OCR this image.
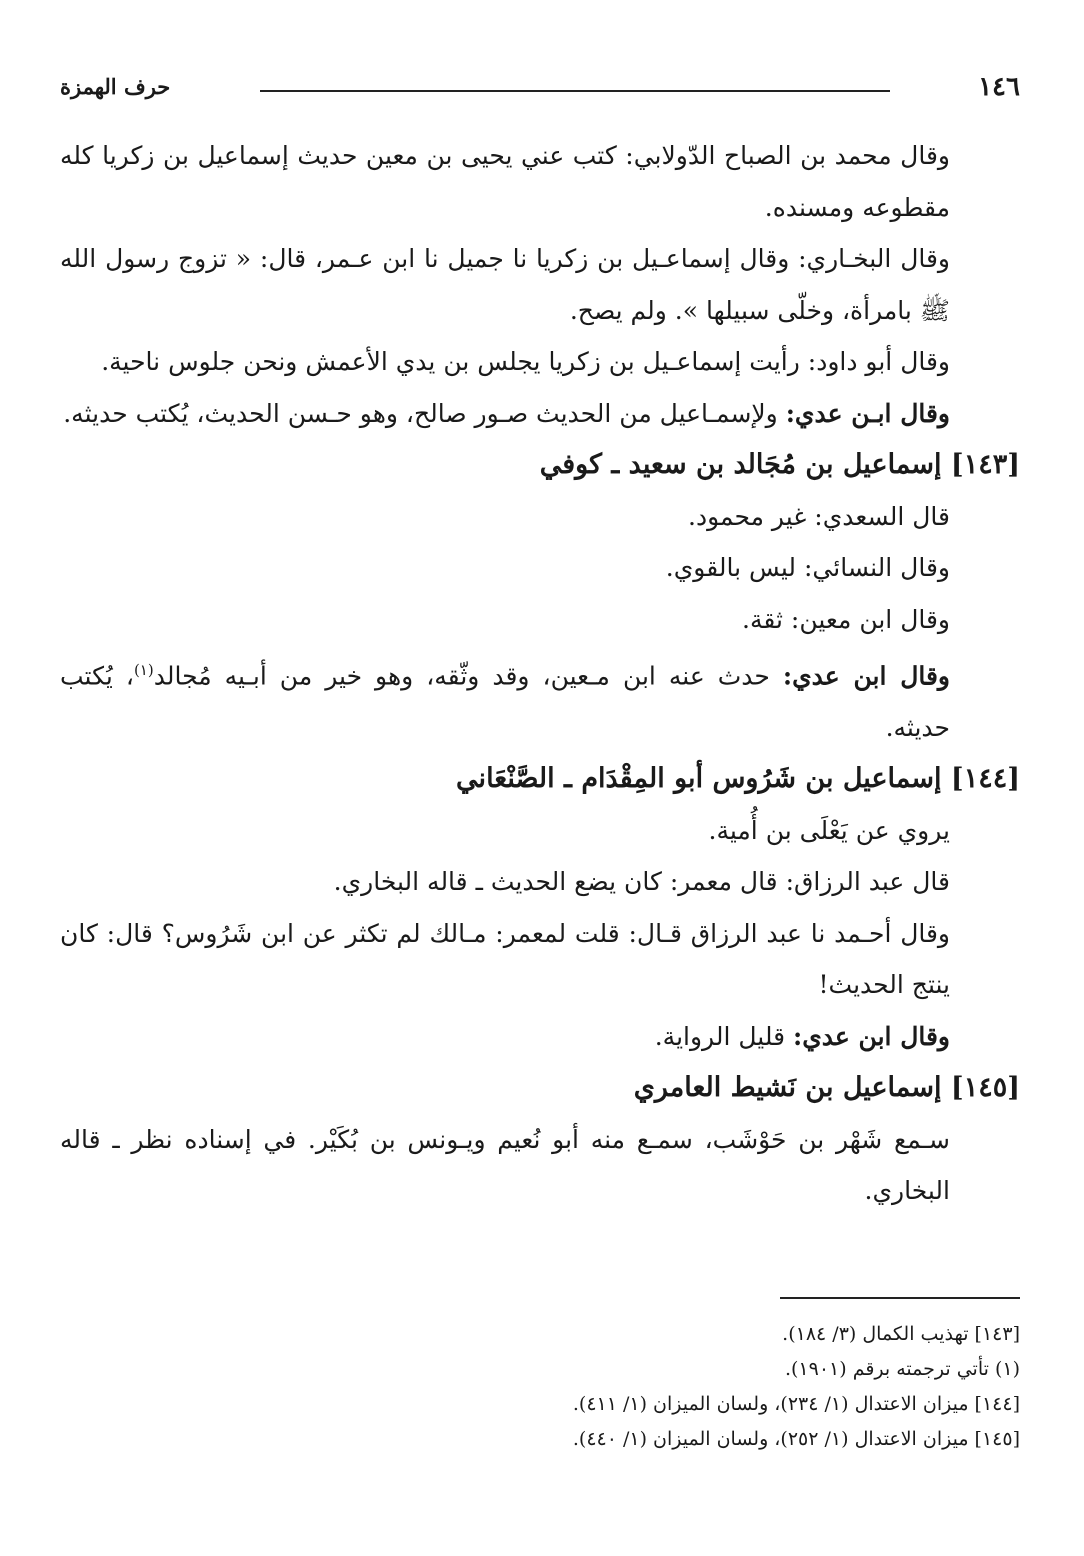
حرف الهمزة	١٤٦

وقال محمد بن الصباح الدّولابي: كتب عني يحيى بن معين حديث إسماعيل بن زكريا كله مقطوعه ومسنده.

وقال البخـاري: وقال إسماعـيل بن زكريا نا جميل نا ابن عـمر، قال: « تزوج رسول الله ﷺ بامرأة، وخلّى سبيلها ». ولم يصح.

وقال أبو داود: رأيت إسماعـيل بن زكريا يجلس بن يدي الأعمش ونحن جلوس ناحية.

وقال ابـن عدي: ولإسمـاعيل من الحديث صـور صالح، وهو حـسن الحديث، يُكتب حديثه.

[١٤٣] إسماعيل بن مُجَالد بن سعيد ـ كوفي

قال السعدي: غير محمود.

وقال النسائي: ليس بالقوي.

وقال ابن معين: ثقة.

وقال ابن عدي: حدث عنه ابن مـعين، وقد وثّقه، وهو خير من أبـيه مُجالد$^{(١)}$، يُكتب حديثه.

[١٤٤] إسماعيل بن شَرُوس أبو المِقْدَام ـ الصَّنْعَاني

يروي عن يَعْلَى بن أُمية.

قال عبد الرزاق: قال معمر: كان يضع الحديث ـ قاله البخاري.

وقال أحـمد نا عبد الرزاق قـال: قلت لمعمر: مـالك لم تكثر عن ابن شَرُوس؟ قال: كان ينتج الحديث!

وقال ابن عدي: قليل الرواية.

[١٤٥] إسماعيل بن نَشيط العامري

سـمع شَهْر بن حَوْشَب، سمـع منه أبو نُعيم ويـونس بن بُكَيْر. في إسناده نظر ـ قاله البخاري.

[١٤٣] تهذيب الكمال (٣/ ١٨٤).

(١) تأتي ترجمته برقم (١٩٠١).

[١٤٤] ميزان الاعتدال (١/ ٢٣٤)، ولسان الميزان (١/ ٤١١).

[١٤٥] ميزان الاعتدال (١/ ٢٥٢)، ولسان الميزان (١/ ٤٤٠).
